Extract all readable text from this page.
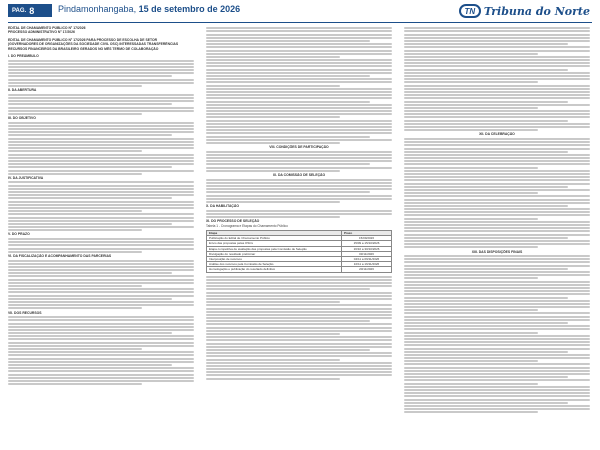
PAG. 8	Pindamonhangaba, 15 de setembro de 2026	TN Tribuna do Norte
EDITAL DE CHAMAMENTO PÚBLICO N° 17/2026
PROCESSO ADMINISTRATIVO N° 17/2026
EDITAL DE CHAMAMENTO PÚBLICO N° 17/2026 PARA PROCESSO DE ESCOLHA DE SETOR
(GOVERNADORES DE ORGANIZAÇÕES DA SOCIEDADE CIVIL OSC) INTERESSADAS TRANSFERÊNCIAS
RECURSOS FINANCEIROS DA BRASILEIRO GERADOS NO MÊS TERMO DE COLABORAÇÃO
I. DO PREÂMBULO
II. DA ABERTURA
III. DO OBJETIVO
IV. DA JUSTIFICATIVA
V. DO PRAZO
VI. DA FISCALIZAÇÃO E ACOMPANHAMENTO DAS PARCERIAS
VII. DOS RECURSOS
VIII. CONDIÇÕES DE PARTICIPAÇÃO
IX. DA COMISSÃO DE SELEÇÃO
X. DA HABILITAÇÃO
XI. DO PROCESSO DE SELEÇÃO
Tabela 1 - Cronograma e Etapas do Chamamento Público
Etapa	Prazo
Publicação do Edital de Chamamento Público	15/09/2026
Envio das propostas pelas OSCs	15/09 a 15/10/2026
Etapa competitiva de avaliação das propostas pela Comissão de Seleção	16/10 a 30/10/2026
Divulgação do resultado preliminar	03/11/2026
Interposição de recursos	04/11 a 09/11/2026
Análise dos recursos pela Comissão de Seleção	10/11 a 16/11/2026
Homologação e publicação do resultado definitivo	20/11/2026
XII. DA CELEBRAÇÃO
XIII. DAS DISPOSIÇÕES FINAIS
